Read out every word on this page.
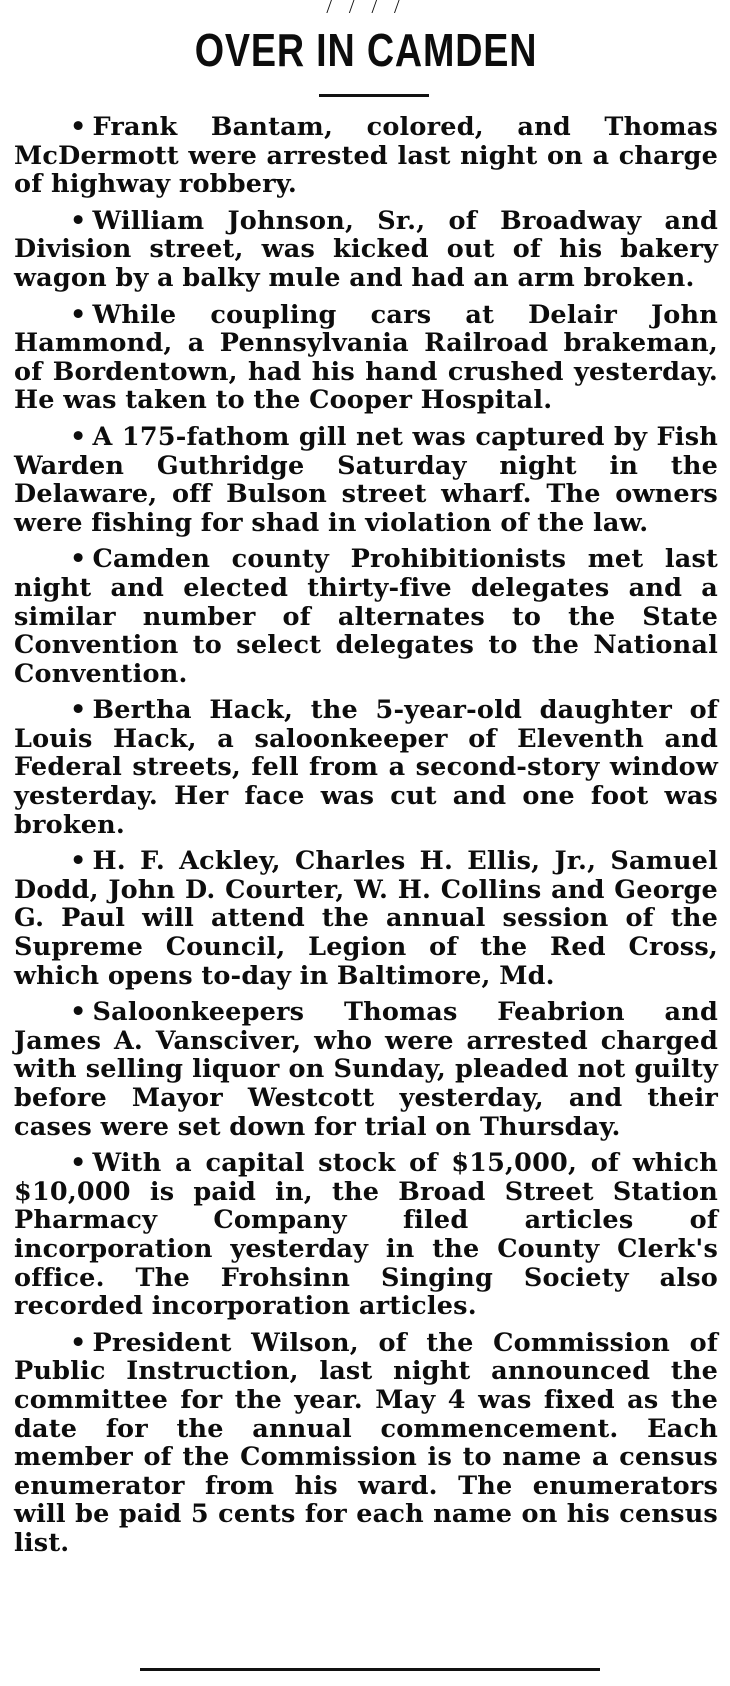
/ / / /
OVER IN CAMDEN
• Frank Bantam, colored, and Thomas McDermott were arrested last night on a charge of highway robbery.
• William Johnson, Sr., of Broadway and Division street, was kicked out of his bakery wagon by a balky mule and had an arm broken.
• While coupling cars at Delair John Hammond, a Pennsylvania Railroad brakeman, of Bordentown, had his hand crushed yesterday. He was taken to the Cooper Hospital.
• A 175-fathom gill net was captured by Fish Warden Guthridge Saturday night in the Delaware, off Bulson street wharf. The owners were fishing for shad in violation of the law.
• Camden county Prohibitionists met last night and elected thirty-five delegates and a similar number of alternates to the State Convention to select delegates to the National Convention.
• Bertha Hack, the 5-year-old daughter of Louis Hack, a saloonkeeper of Eleventh and Federal streets, fell from a second-story window yesterday. Her face was cut and one foot was broken.
• H. F. Ackley, Charles H. Ellis, Jr., Samuel Dodd, John D. Courter, W. H. Collins and George G. Paul will attend the annual session of the Supreme Council, Legion of the Red Cross, which opens to-day in Baltimore, Md.
• Saloonkeepers Thomas Feabrion and James A. Vansciver, who were arrested charged with selling liquor on Sunday, pleaded not guilty before Mayor Westcott yesterday, and their cases were set down for trial on Thursday.
• With a capital stock of $15,000, of which $10,000 is paid in, the Broad Street Station Pharmacy Company filed articles of incorporation yesterday in the County Clerk's office. The Frohsinn Singing Society also recorded incorporation articles.
• President Wilson, of the Commission of Public Instruction, last night announced the committee for the year. May 4 was fixed as the date for the annual commencement. Each member of the Commission is to name a census enumerator from his ward. The enumerators will be paid 5 cents for each name on his census list.
